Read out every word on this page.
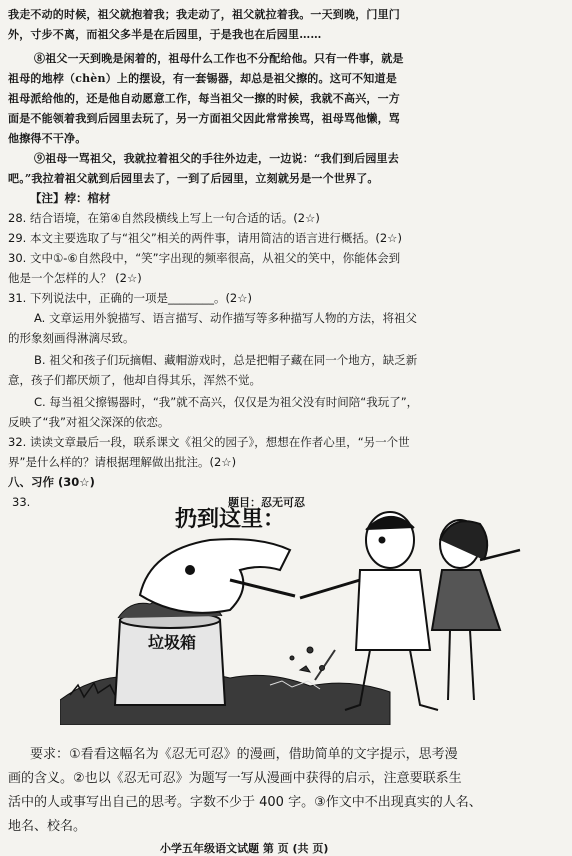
我走不动的时候，祖父就抱着我；我走动了，祖父就拉着我。一天到晚，门里门
外，寸步不离，而祖父多半是在后园里，于是我也在后园里……
⑧祖父一天到晚是闲着的，祖母什么工作也不分配给他。只有一件事，就是
祖母的地桲（chèn）上的摆设，有一套锡器，却总是祖父擦的。这可不知道是
祖母派给他的，还是他自动愿意工作，每当祖父一擦的时候，我就不高兴，一方
面是不能领着我到后园里去玩了，另一方面祖父因此常常挨骂，祖母骂他懒，骂
他擦得不干净。
⑨祖母一骂祖父，我就拉着祖父的手往外边走，一边说：“我们到后园里去
吧。”我拉着祖父就到后园里去了，一到了后园里，立刻就另是一个世界了。
【注】桲：棺材
28. 结合语境，在第④自然段横线上写上一句合适的话。(2☆)
29. 本文主要选取了与“祖父”相关的两件事，请用简洁的语言进行概括。(2☆)
30. 文中①-⑥自然段中，“笑”字出现的频率很高，从祖父的笑中，你能体会到
他是一个怎样的人？ (2☆)
31. 下列说法中，正确的一项是________。(2☆)
A. 文章运用外貌描写、语言描写、动作描写等多种描写人物的方法，将祖父
的形象刻画得淋漓尽致。
B. 祖父和孩子们玩摘帽、藏帽游戏时，总是把帽子藏在同一个地方，缺乏新
意，孩子们都厌烦了，他却自得其乐，浑然不觉。
C. 每当祖父擦锡器时，“我”就不高兴，仅仅是为祖父没有时间陪“我玩了”，
反映了“我”对祖父深深的依恋。
32. 读读文章最后一段，联系课文《祖父的园子》，想想在作者心里，“另一个世
界”是什么样的？请根据理解做出批注。(2☆)
八、习作 (30☆)
33.	题目：忍无可忍
扔到这里：
垃圾箱
要求：①看看这幅名为《忍无可忍》的漫画，借助简单的文字提示，思考漫
画的含义。②也以《忍无可忍》为题写一写从漫画中获得的启示，注意要联系生
活中的人或事写出自己的思考。字数不少于 400 字。③作文中不出现真实的人名、
地名、校名。
小学五年级语文试题 第 页 (共 页)
